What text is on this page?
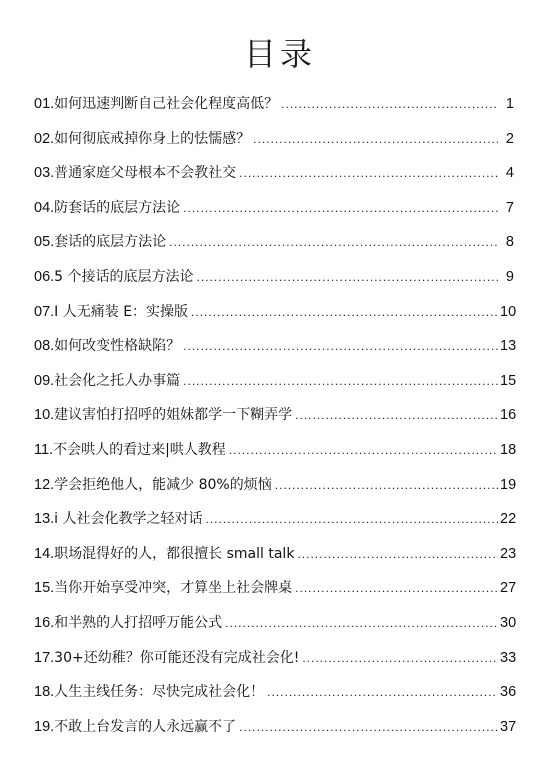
目录
01. 如何迅速判断自己社会化程度高低？ .....	1
02. 如何彻底戒掉你身上的怯懦感？ .....	2
03. 普通家庭父母根本不会教社交 .....	4
04. 防套话的底层方法论 .....	7
05. 套话的底层方法论 .....	8
06. 5 个接话的底层方法论 .....	9
07. I 人无痛装 E：实操版 .....	10
08. 如何改变性格缺陷？ .....	13
09. 社会化之托人办事篇 .....	15
10. 建议害怕打招呼的姐妹都学一下糊弄学 .....	16
11. 不会哄人的看过来|哄人教程 .....	18
12. 学会拒绝他人，能减少 80%的烦恼 .....	19
13. i 人社会化教学之轻对话 .....	22
14. 职场混得好的人，都很擅长 small talk .....	23
15. 当你开始享受冲突，才算坐上社会牌桌 .....	27
16. 和半熟的人打招呼万能公式 .....	30
17. 30+还幼稚？你可能还没有完成社会化! .....	33
18. 人生主线任务：尽快完成社会化！ .....	36
19. 不敢上台发言的人永远赢不了 .....	37
